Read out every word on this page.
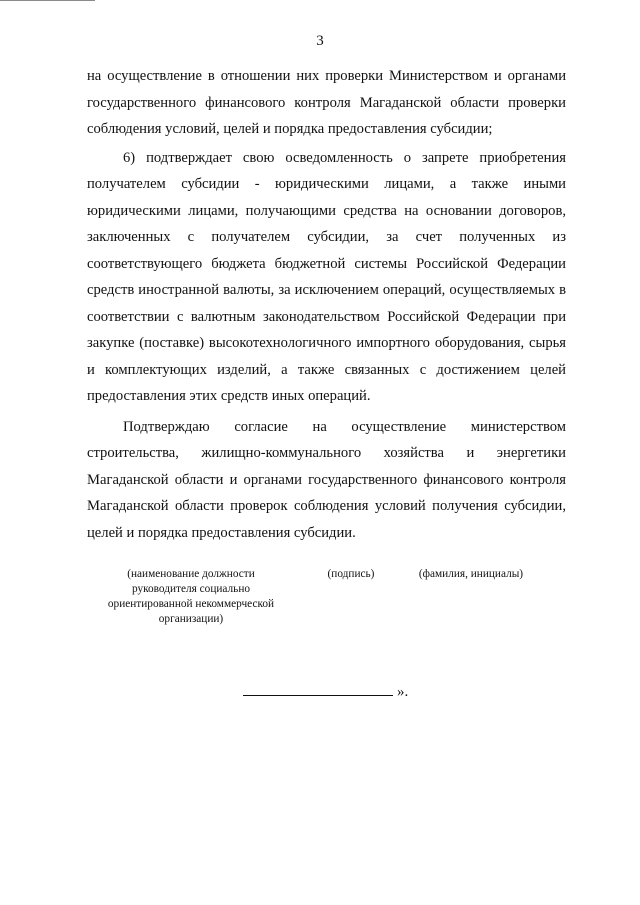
3

на осуществление в отношении них проверки Министерством и органами государственного финансового контроля Магаданской области проверки соблюдения условий, целей и порядка предоставления субсидии;

6) подтверждает свою осведомленность о запрете приобретения получателем субсидии - юридическими лицами, а также иными юридическими лицами, получающими средства на основании договоров, заключенных с получателем субсидии, за счет полученных из соответствующего бюджета бюджетной системы Российской Федерации средств иностранной валюты, за исключением операций, осуществляемых в соответствии с валютным законодательством Российской Федерации при закупке (поставке) высокотехнологичного импортного оборудования, сырья и комплектующих изделий, а также связанных с достижением целей предоставления этих средств иных операций.

Подтверждаю согласие на осуществление министерством строительства, жилищно-коммунального хозяйства и энергетики Магаданской области и органами государственного финансового контроля Магаданской области проверок соблюдения условий получения субсидии, целей и порядка предоставления субсидии.

(наименование должности руководителя социально ориентированной некоммерческой организации)
(подпись)	(фамилия, инициалы)
».
